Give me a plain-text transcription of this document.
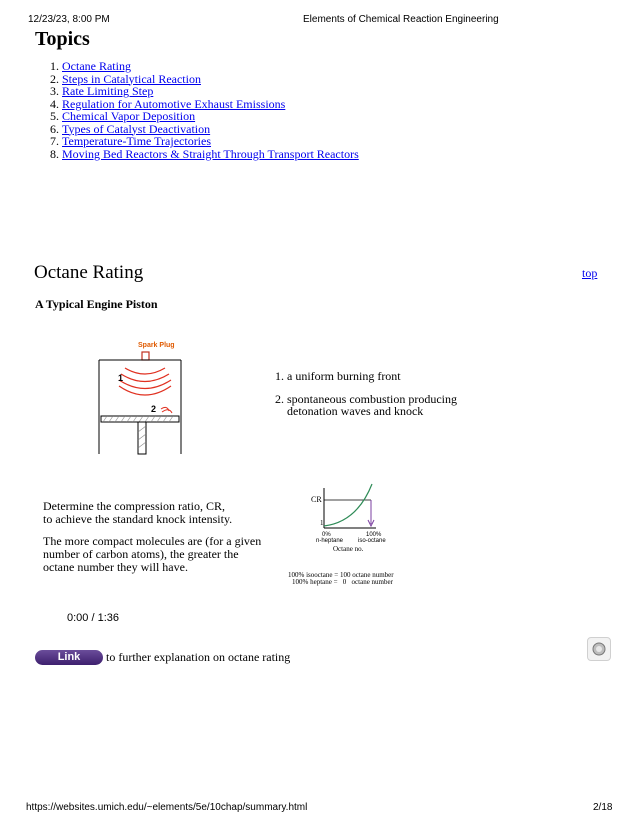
12/23/23, 8:00 PM	Elements of Chemical Reaction Engineering
Topics
1. Octane Rating
2. Steps in Catalytical Reaction
3. Rate Limiting Step
4. Regulation for Automotive Exhaust Emissions
5. Chemical Vapor Deposition
6. Types of Catalyst Deactivation
7. Temperature-Time Trajectories
8. Moving Bed Reactors & Straight Through Transport Reactors
Octane Rating	top
A Typical Engine Piston
Spark Plug
1
2
1. a uniform burning front
2. spontaneous combustion producing
detonation waves and knock
Determine the compression ratio, CR,
to achieve the standard knock intensity.
The more compact molecules are (for a given
number of carbon atoms), the greater the
octane number they will have.
CR
1
0%	100%
n-heptane iso-octane
Octane no.
100% isooctane = 100 octane number
100% heptane =   0   octane number
0:00 / 1:36
Link	to further explanation on octane rating
https://websites.umich.edu/~elements/5e/10chap/summary.html	2/18
